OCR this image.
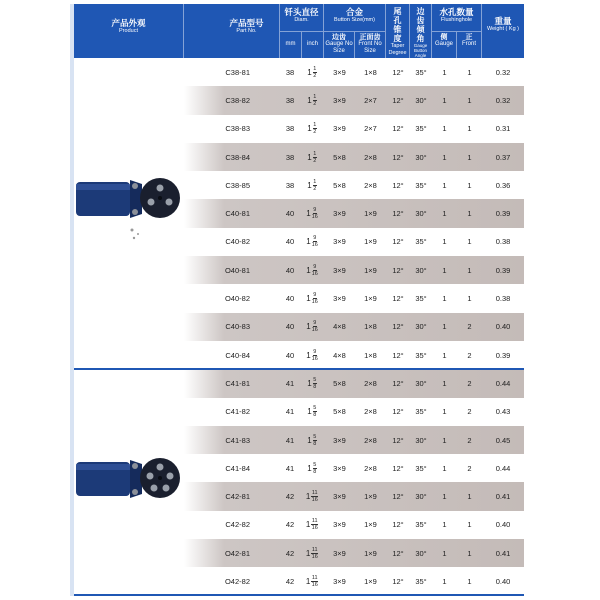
产品外观
Product
产品型号
Part No.
钎头直径
Diam.
mm	inch
合金
Button Size(mm)
边齿
Gauge No Size
正面齿
Front No Size
尾孔锥度
Taper Degree
边齿倾角
Gauge Button Angle
水孔数量
Flushinghole
侧
Gauge
正
Front
重量
Weight ( Kg )
C38-81	38	$1 \frac{1}{2}$	3×9	1×8	12°	35°	1	1	0.32
C38-82	38	$1 \frac{1}{2}$	3×9	2×7	12°	30°	1	1	0.32
C38-83	38	$1 \frac{1}{2}$	3×9	2×7	12°	35°	1	1	0.31
C38-84	38	$1 \frac{1}{2}$	5×8	2×8	12°	30°	1	1	0.37
C38-85	38	$1 \frac{1}{2}$	5×8	2×8	12°	35°	1	1	0.36
C40-81	40	$1 \frac{9}{16}$	3×9	1×9	12°	30°	1	1	0.39
C40-82	40	$1 \frac{9}{16}$	3×9	1×9	12°	35°	1	1	0.38
O40-81	40	$1 \frac{9}{16}$	3×9	1×9	12°	30°	1	1	0.39
O40-82	40	$1 \frac{9}{16}$	3×9	1×9	12°	35°	1	1	0.38
C40-83	40	$1 \frac{9}{16}$	4×8	1×8	12°	30°	1	2	0.40
C40-84	40	$1 \frac{9}{16}$	4×8	1×8	12°	35°	1	2	0.39
C41-81	41	$1 \frac{5}{8}$	5×8	2×8	12°	30°	1	2	0.44
C41-82	41	$1 \frac{5}{8}$	5×8	2×8	12°	35°	1	2	0.43
C41-83	41	$1 \frac{5}{8}$	3×9	2×8	12°	30°	1	2	0.45
C41-84	41	$1 \frac{5}{8}$	3×9	2×8	12°	35°	1	2	0.44
C42-81	42	$1 \frac{11}{16}$	3×9	1×9	12°	30°	1	1	0.41
C42-82	42	$1 \frac{11}{16}$	3×9	1×9	12°	35°	1	1	0.40
O42-81	42	$1 \frac{11}{16}$	3×9	1×9	12°	30°	1	1	0.41
O42-82	42	$1 \frac{11}{16}$	3×9	1×9	12°	35°	1	1	0.40
